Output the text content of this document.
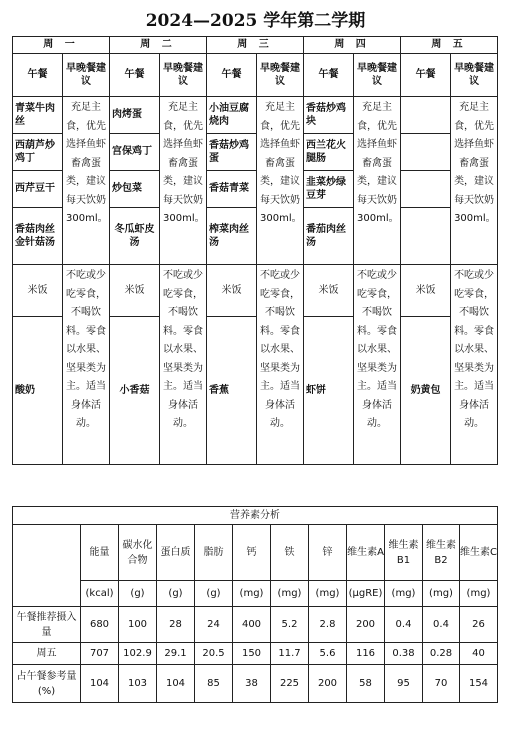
2024—2025 学年第二学期
周 一		周 二		周 三		周 四		周 五	
午餐	早晚餐建议	午餐	早晚餐建议	午餐	早晚餐建议	午餐	早晚餐建议	午餐	早晚餐建议
青菜牛肉丝	充足主食，优先选择鱼虾畜禽蛋类，建议每天饮奶300ml。	肉烤蛋	充足主食，优先选择鱼虾畜禽蛋类，建议每天饮奶300ml。	小油豆腐烧肉	充足主食，优先选择鱼虾畜禽蛋类，建议每天饮奶300ml。	香菇炒鸡块	充足主食，优先选择鱼虾畜禽蛋类，建议每天饮奶300ml。		充足主食，优先选择鱼虾畜禽蛋类，建议每天饮奶300ml。
西葫芦炒鸡丁		宫保鸡丁		香菇炒鸡蛋		西兰花火腿肠			
西芹豆干		炒包菜		香菇青菜		韭菜炒绿豆芽			
香菇肉丝金针菇汤		冬瓜虾皮汤		榨菜肉丝汤		番茄肉丝汤			
米饭	不吃或少吃零食，不喝饮料。零食以水果、坚果类为主。适当身体活动。	米饭	不吃或少吃零食，不喝饮料。零食以水果、坚果类为主。适当身体活动。	米饭	不吃或少吃零食，不喝饮料。零食以水果、坚果类为主。适当身体活动。	米饭	不吃或少吃零食，不喝饮料。零食以水果、坚果类为主。适当身体活动。	米饭	不吃或少吃零食，不喝饮料。零食以水果、坚果类为主。适当身体活动。
酸奶		小香菇		香蕉		虾饼		奶黄包	
营养素分析											
	能量	碳水化合物	蛋白质	脂肪	钙	铁	锌	维生素A	维生素B1	维生素B2	维生素C
	(kcal)	(g)	(g)	(g)	(mg)	(mg)	(mg)	(μgRE)	(mg)	(mg)	(mg)
午餐推荐摄入量	680	100	28	24	400	5.2	2.8	200	0.4	0.4	26
周五	707	102.9	29.1	20.5	150	11.7	5.6	116	0.38	0.28	40
占午餐参考量(%)	104	103	104	85	38	225	200	58	95	70	154
